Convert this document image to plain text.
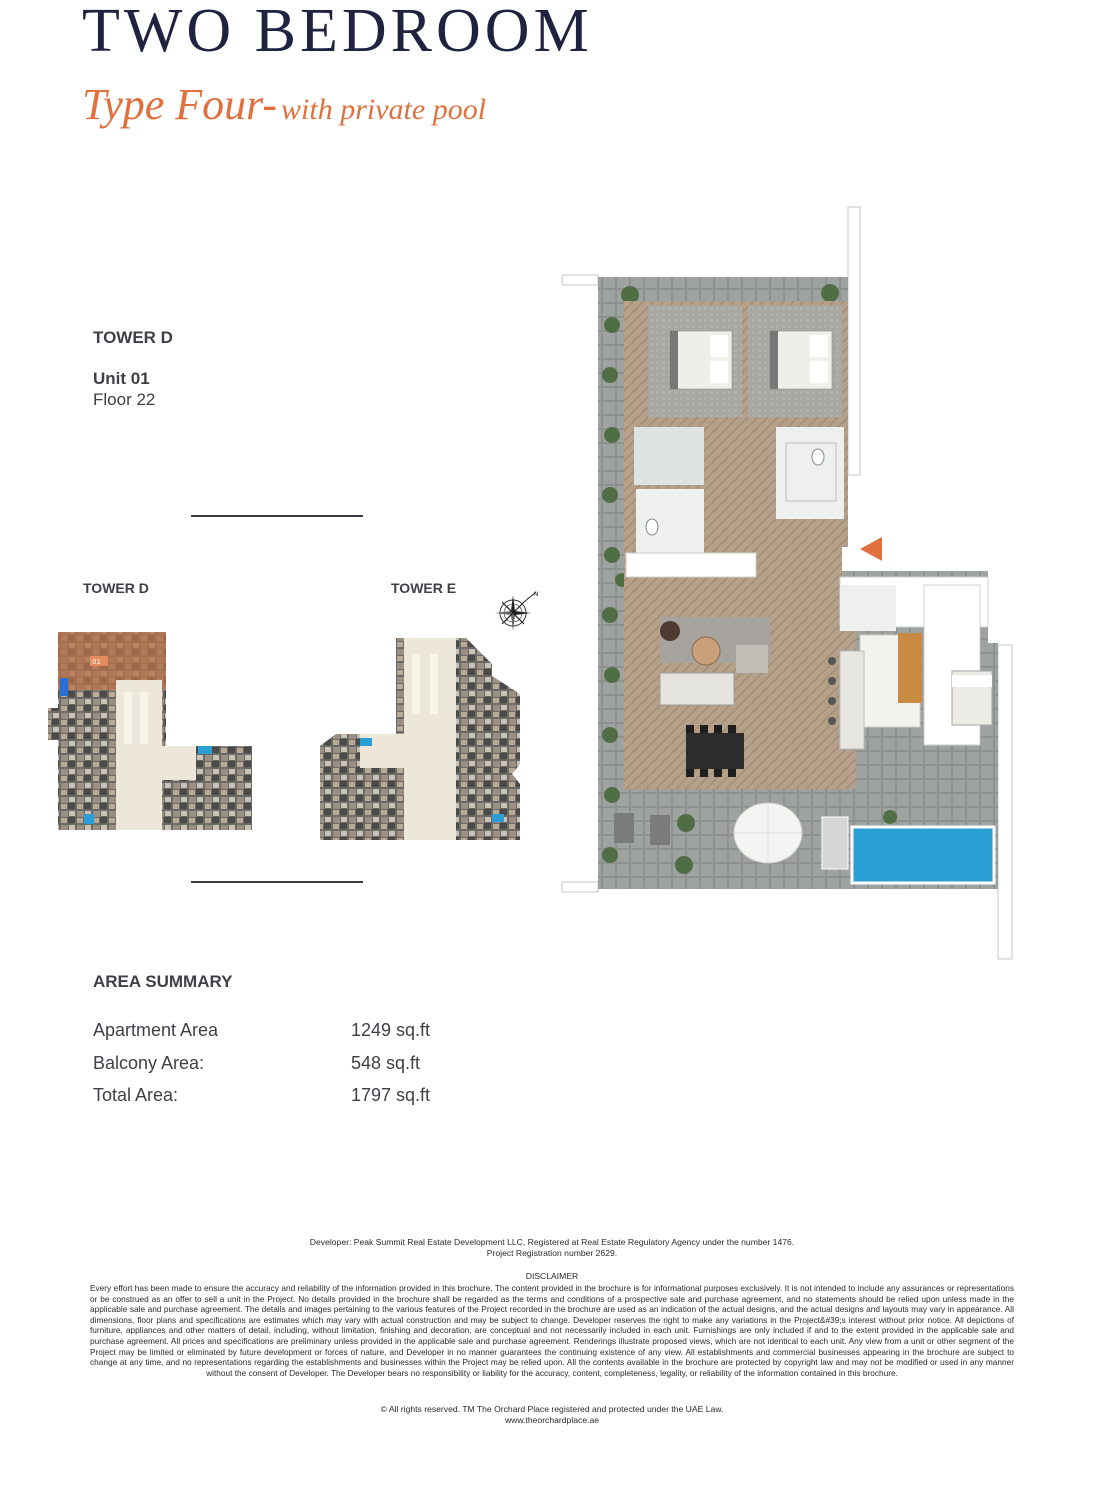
TWO BEDROOM
Type Four- with private pool
TOWER D
Unit 01
Floor 22
TOWER D	TOWER E	N
01
AREA SUMMARY
Apartment Area	1249 sq.ft
Balcony Area:	548 sq.ft
Total Area:	1797 sq.ft
Developer: Peak Summit Real Estate Development LLC, Registered at Real Estate Regulatory Agency under the number 1476.
Project Registration number 2629.
DISCLAIMER
Every effort has been made to ensure the accuracy and reliability of the information provided in this brochure. The content provided in the brochure is for informational purposes exclusively. It is not intended to include any assurances or representations or be construed as an offer to sell a unit in the Project. No details provided in the brochure shall be regarded as the terms and conditions of a prospective sale and purchase agreement, and no statements should be relied upon unless made in the applicable sale and purchase agreement. The details and images pertaining to the various features of the Project recorded in the brochure are used as an indication of the actual designs, and the actual designs and layouts may vary in appearance. All dimensions, floor plans and specifications are estimates which may vary with actual construction and may be subject to change. Developer reserves the right to make any variations in the Project&#39;s interest without prior notice. All depictions of furniture, appliances and other matters of detail, including, without limitation, finishing and decoration, are conceptual and not necessarily included in each unit. Furnishings are only included if and to the extent provided in the applicable sale and purchase agreement. All prices and specifications are preliminary unless provided in the applicable sale and purchase agreement. Renderings illustrate proposed views, which are not identical to each unit. Any view from a unit or other segment of the Project may be limited or eliminated by future development or forces of nature, and Developer in no manner guarantees the continuing existence of any view. All establishments and commercial businesses appearing in the brochure are subject to change at any time, and no representations regarding the establishments and businesses within the Project may be relied upon. All the contents available in the brochure are protected by copyright law and may not be modified or used in any manner without the consent of Developer. The Developer bears no responsibility or liability for the accuracy, content, completeness, legality, or reliability of the information contained in this brochure.
© All rights reserved. TM The Orchard Place registered and protected under the UAE Law.
www.theorchardplace.ae
